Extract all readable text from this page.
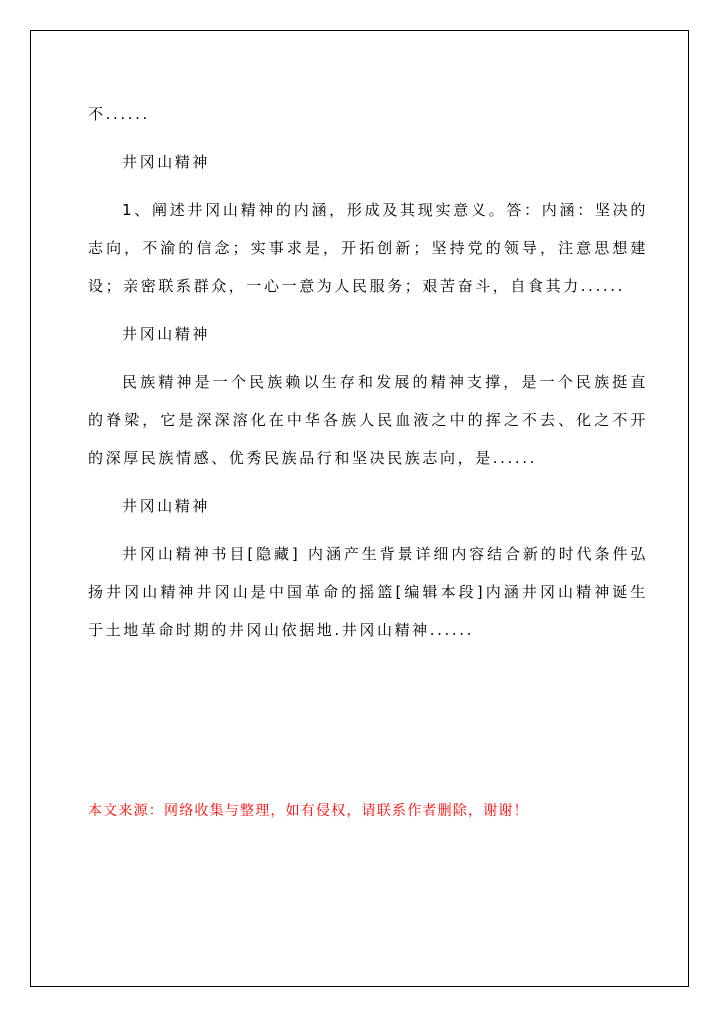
不......

井冈山精神

1、阐述井冈山精神的内涵，形成及其现实意义。答：内涵：坚决的志向，不渝的信念；实事求是，开拓创新；坚持党的领导，注意思想建设；亲密联系群众，一心一意为人民服务；艰苦奋斗，自食其力......

井冈山精神

民族精神是一个民族赖以生存和发展的精神支撑，是一个民族挺直的脊梁，它是深深溶化在中华各族人民血液之中的挥之不去、化之不开的深厚民族情感、优秀民族品行和坚决民族志向，是......

井冈山精神

井冈山精神书目[隐藏] 内涵产生背景详细内容结合新的时代条件弘扬井冈山精神井冈山是中国革命的摇篮[编辑本段]内涵井冈山精神诞生于土地革命时期的井冈山依据地.井冈山精神......

本文来源：网络收集与整理，如有侵权，请联系作者删除，谢谢！
